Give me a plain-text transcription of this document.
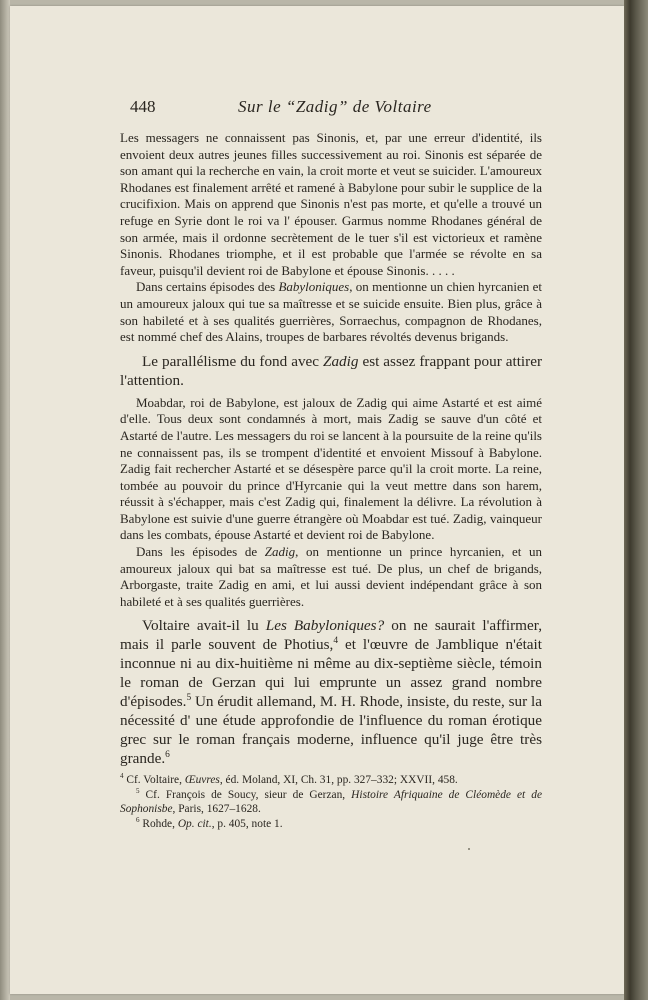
448	Sur le “Zadig” de Voltaire

Les messagers ne connaissent pas Sinonis, et, par une erreur d'identité, ils envoient deux autres jeunes filles successivement au roi. Sinonis est séparée de son amant qui la recherche en vain, la croit morte et veut se suicider. L'amoureux Rhodanes est finalement arrêté et ramené à Babylone pour subir le supplice de la crucifixion. Mais on apprend que Sinonis n'est pas morte, et qu'elle a trouvé un refuge en Syrie dont le roi va l' épouser. Garmus nomme Rhodanes général de son armée, mais il ordonne secrètement de le tuer s'il est victorieux et ramène Sinonis. Rhodanes triomphe, et il est probable que l'armée se révolte en sa faveur, puisqu'il devient roi de Babylone et épouse Sinonis. . . . .

Dans certains épisodes des Babyloniques, on mentionne un chien hyrcanien et un amoureux jaloux qui tue sa maîtresse et se suicide ensuite. Bien plus, grâce à son habileté et à ses qualités guerrières, Sorraechus, compagnon de Rhodanes, est nommé chef des Alains, troupes de barbares révoltés devenus brigands.

Le parallélisme du fond avec Zadig est assez frappant pour attirer l'attention.

Moabdar, roi de Babylone, est jaloux de Zadig qui aime Astarté et est aimé d'elle. Tous deux sont condamnés à mort, mais Zadig se sauve d'un côté et Astarté de l'autre. Les messagers du roi se lancent à la poursuite de la reine qu'ils ne connaissent pas, ils se trompent d'identité et envoient Missouf à Babylone. Zadig fait rechercher Astarté et se désespère parce qu'il la croit morte. La reine, tombée au pouvoir du prince d'Hyrcanie qui la veut mettre dans son harem, réussit à s'échapper, mais c'est Zadig qui, finalement la délivre. La révolution à Babylone est suivie d'une guerre étrangère où Moabdar est tué. Zadig, vainqueur dans les combats, épouse Astarté et devient roi de Babylone.

Dans les épisodes de Zadig, on mentionne un prince hyrcanien, et un amoureux jaloux qui bat sa maîtresse est tué. De plus, un chef de brigands, Arborgaste, traite Zadig en ami, et lui aussi devient indépendant grâce à son habileté et à ses qualités guerrières.

Voltaire avait-il lu Les Babyloniques? on ne saurait l'affirmer, mais il parle souvent de Photius,$^4$ et l'œuvre de Jamblique n'était inconnue ni au dix-huitième ni même au dix-septième siècle, témoin le roman de Gerzan qui lui emprunte un assez grand nombre d'épisodes.$^5$ Un érudit allemand, M. H. Rhode, insiste, du reste, sur la nécessité d' une étude approfondie de l'influence du roman érotique grec sur le roman français moderne, influence qu'il juge être très grande.$^6$

$^4$ Cf. Voltaire, Œuvres, éd. Moland, XI, Ch. 31, pp. 327–332; XXVII, 458.

$^5$ Cf. François de Soucy, sieur de Gerzan, Histoire Afriquaine de Cléomède et de Sophonisbe, Paris, 1627–1628.

$^6$ Rohde, Op. cit., p. 405, note 1.
